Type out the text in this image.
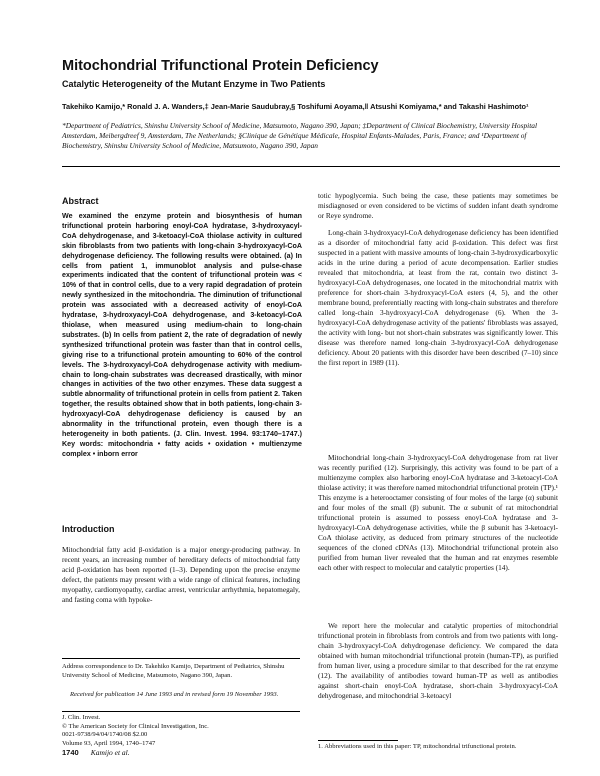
Mitochondrial Trifunctional Protein Deficiency
Catalytic Heterogeneity of the Mutant Enzyme in Two Patients
Takehiko Kamijo,* Ronald J. A. Wanders,‡ Jean-Marie Saudubray,§ Toshifumi Aoyama,ǁ Atsushi Komiyama,* and Takashi Hashimoto¹
*Department of Pediatrics, Shinshu University School of Medicine, Matsumoto, Nagano 390, Japan; ‡Department of Clinical Biochemistry, University Hospital Amsterdam, Meibergdreef 9, Amsterdam, The Netherlands; §Clinique de Génétique Médicale, Hospital Enfants-Malades, Paris, France; and ¹Department of Biochemistry, Shinshu University School of Medicine, Matsumoto, Nagano 390, Japan
Abstract

We examined the enzyme protein and biosynthesis of human trifunctional protein harboring enoyl-CoA hydratase, 3-hydroxyacyl-CoA dehydrogenase, and 3-ketoacyl-CoA thiolase activity in cultured skin fibroblasts from two patients with long-chain 3-hydroxyacyl-CoA dehydrogenase deficiency. The following results were obtained. (a) In cells from patient 1, immunoblot analysis and pulse-chase experiments indicated that the content of trifunctional protein was < 10% of that in control cells, due to a very rapid degradation of protein newly synthesized in the mitochondria. The diminution of trifunctional protein was associated with a decreased activity of enoyl-CoA hydratase, 3-hydroxyacyl-CoA dehydrogenase, and 3-ketoacyl-CoA thiolase, when measured using medium-chain to long-chain substrates. (b) In cells from patient 2, the rate of degradation of newly synthesized trifunctional protein was faster than that in control cells, giving rise to a trifunctional protein amounting to 60% of the control levels. The 3-hydroxyacyl-CoA dehydrogenase activity with medium-chain to long-chain substrates was decreased drastically, with minor changes in activities of the two other enzymes. These data suggest a subtle abnormality of trifunctional protein in cells from patient 2. Taken together, the results obtained show that in both patients, long-chain 3-hydroxyacyl-CoA dehydrogenase deficiency is caused by an abnormality in the trifunctional protein, even though there is a heterogeneity in both patients. (J. Clin. Invest. 1994. 93:1740–1747.) Key words: mitochondria • fatty acids • oxidation • multienzyme complex • inborn error

Introduction

Mitochondrial fatty acid β-oxidation is a major energy-producing pathway. In recent years, an increasing number of hereditary defects of mitochondrial fatty acid β-oxidation has been reported (1–3). Depending upon the precise enzyme defect, the patients may present with a wide range of clinical features, including myopathy, cardiomyopathy, cardiac arrest, ventricular arrhythmia, hepatomegaly, and fasting coma with hypoke-

Address correspondence to Dr. Takehiko Kamijo, Department of Pediatrics, Shinshu University School of Medicine, Matsumoto, Nagano 390, Japan.

Received for publication 14 June 1993 and in revised form 19 November 1993.

J. Clin. Invest.
© The American Society for Clinical Investigation, Inc.
0021-9738/94/04/1740/08 $2.00
Volume 93, April 1994, 1740–1747

totic hypoglycemia. Such being the case, these patients may sometimes be misdiagnosed or even considered to be victims of sudden infant death syndrome or Reye syndrome.

Long-chain 3-hydroxyacyl-CoA dehydrogenase deficiency has been identified as a disorder of mitochondrial fatty acid β-oxidation. This defect was first suspected in a patient with massive amounts of long-chain 3-hydroxydicarboxylic acids in the urine during a period of acute decompensation. Earlier studies revealed that mitochondria, at least from the rat, contain two distinct 3-hydroxyacyl-CoA dehydrogenases, one located in the mitochondrial matrix with preference for short-chain 3-hydroxyacyl-CoA esters (4, 5), and the other membrane bound, preferentially reacting with long-chain substrates and therefore called long-chain 3-hydroxyacyl-CoA dehydrogenase (6). When the 3-hydroxyacyl-CoA dehydrogenase activity of the patients' fibroblasts was assayed, the activity with long- but not short-chain substrates was significantly lower. This disease was therefore named long-chain 3-hydroxyacyl-CoA dehydrogenase deficiency. About 20 patients with this disorder have been described (7–10) since the first report in 1989 (11).

Mitochondrial long-chain 3-hydroxyacyl-CoA dehydrogenase from rat liver was recently purified (12). Surprisingly, this activity was found to be part of a multienzyme complex also harboring enoyl-CoA hydratase and 3-ketoacyl-CoA thiolase activity; it was therefore named mitochondrial trifunctional protein (TP).¹ This enzyme is a heterooctamer consisting of four moles of the large (α) subunit and four moles of the small (β) subunit. The α subunit of rat mitochondrial trifunctional protein is assumed to possess enoyl-CoA hydratase and 3-hydroxyacyl-CoA dehydrogenase activities, while the β subunit has 3-ketoacyl-CoA thiolase activity, as deduced from primary structures of the nucleotide sequences of the cloned cDNAs (13). Mitochondrial trifunctional protein also purified from human liver revealed that the human and rat enzymes resemble each other with respect to molecular and catalytic properties (14).

We report here the molecular and catalytic properties of mitochondrial trifunctional protein in fibroblasts from controls and from two patients with long-chain 3-hydroxyacyl-CoA dehydrogenase deficiency. We compared the data obtained with human mitochondrial trifunctional protein (human-TP), as purified from human liver, using a procedure similar to that described for the rat enzyme (12). The availability of antibodies toward human-TP as well as antibodies against short-chain enoyl-CoA hydratase, short-chain 3-hydroxyacyl-CoA dehydrogenase, and mitochondrial 3-ketoacyl

1. Abbreviations used in this paper: TP, mitochondrial trifunctional protein.

1740 Kamijo et al.
